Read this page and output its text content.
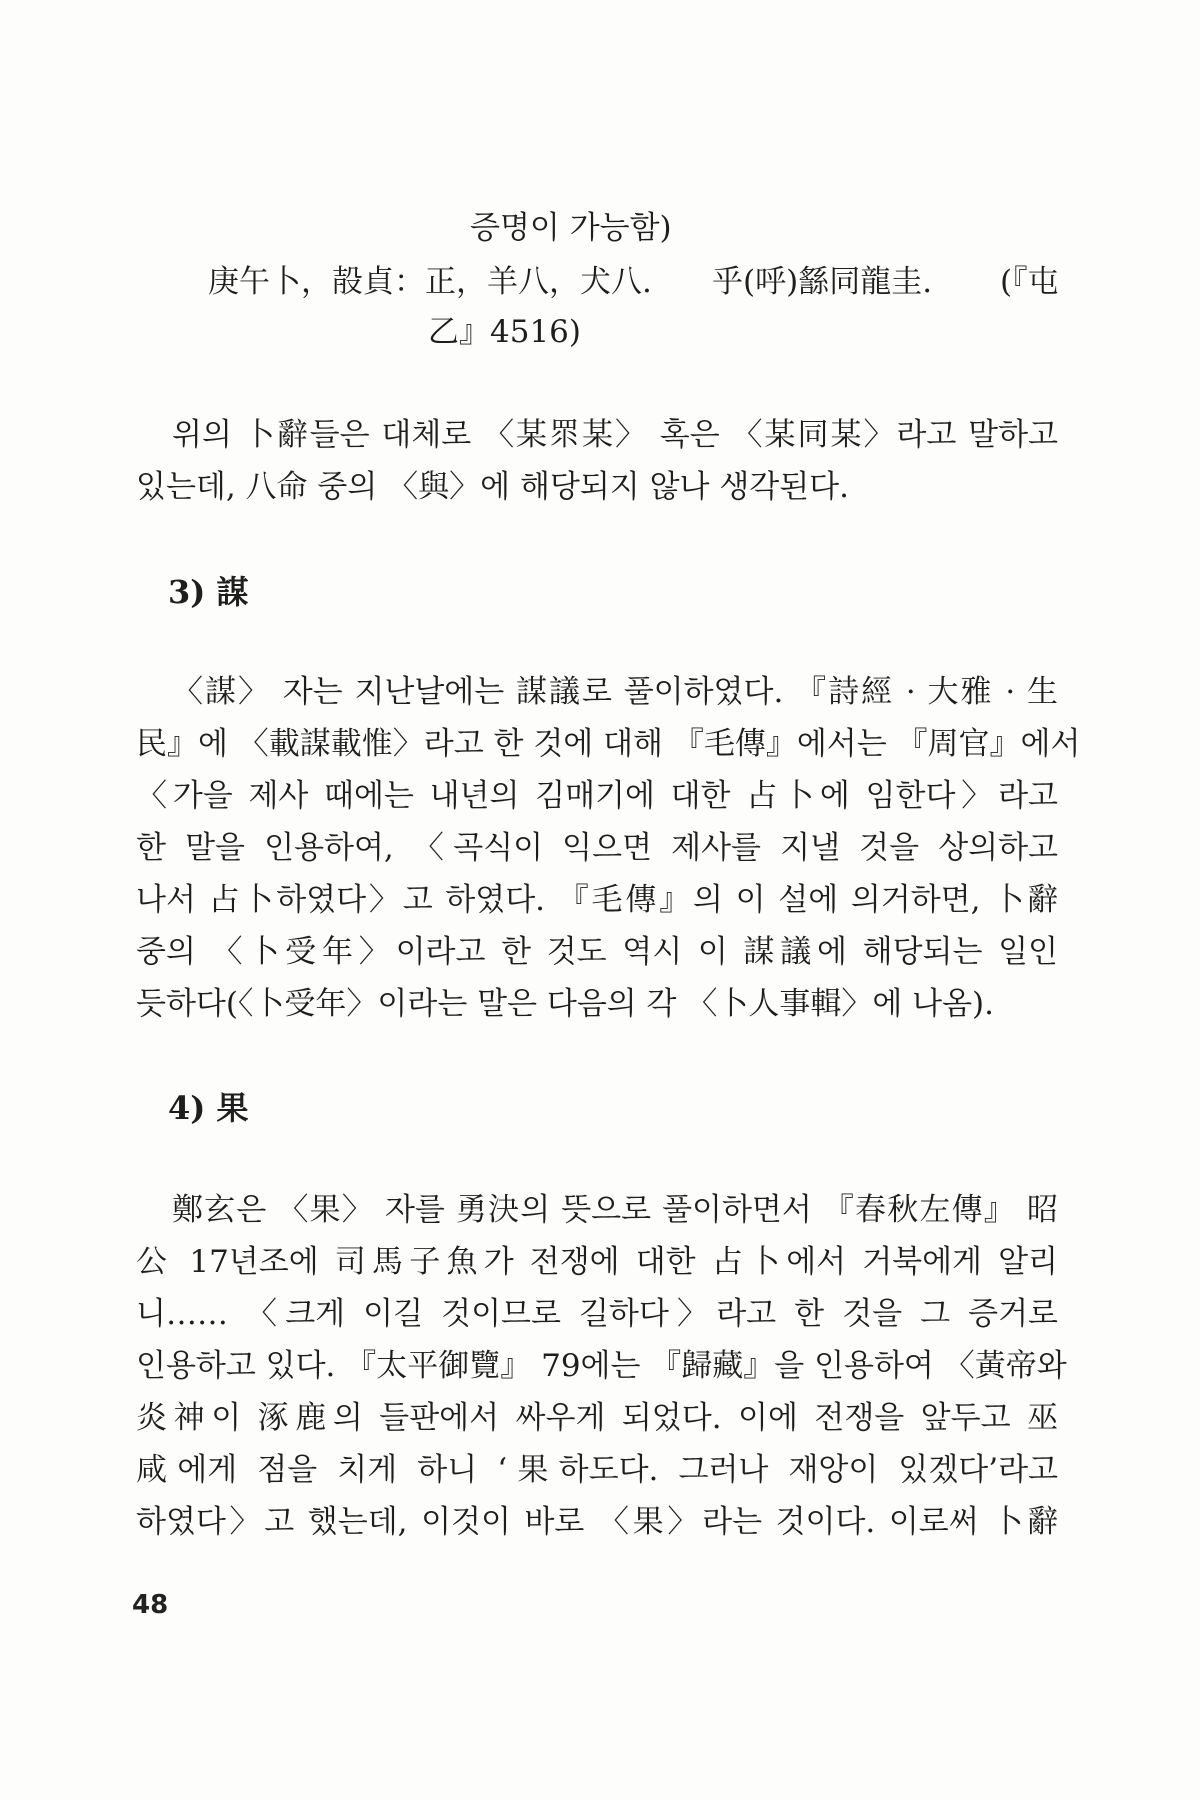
증명이 가능함)

庚午卜，㱿貞：正，羊八，犬八. 乎(呼)䌛同龍圭. (『屯

乙』4516)

위의 卜辭들은 대체로 〈某眔某〉 혹은 〈某同某〉라고 말하고

있는데, 八命 중의 〈與〉에 해당되지 않나 생각된다.

3) 謀

〈謀〉 자는 지난날에는 謀議로 풀이하였다. 『詩經 · 大雅 · 生

民』에 〈載謀載惟〉라고 한 것에 대해 『毛傳』에서는 『周官』에서

〈가을 제사 때에는 내년의 김매기에 대한 占卜에 임한다〉라고

한 말을 인용하여, 〈곡식이 익으면 제사를 지낼 것을 상의하고

나서 占卜하였다〉고 하였다. 『毛傳』의 이 설에 의거하면, 卜辭

중의 〈卜受年〉이라고 한 것도 역시 이 謀議에 해당되는 일인

듯하다(〈卜受年〉이라는 말은 다음의 각 〈卜人事輯〉에 나옴).

4) 果

鄭玄은 〈果〉 자를 勇決의 뜻으로 풀이하면서 『春秋左傳』 昭

公 17년조에 司馬子魚가 전쟁에 대한 占卜에서 거북에게 알리

니…… 〈크게 이길 것이므로 길하다〉라고 한 것을 그 증거로

인용하고 있다. 『太平御覽』 79에는 『歸藏』을 인용하여 〈黃帝와

炎神이 涿鹿의 들판에서 싸우게 되었다. 이에 전쟁을 앞두고 巫

咸에게 점을 치게 하니 ‘果하도다. 그러나 재앙이 있겠다’라고

하였다〉고 했는데, 이것이 바로 〈果〉라는 것이다. 이로써 卜辭

48
